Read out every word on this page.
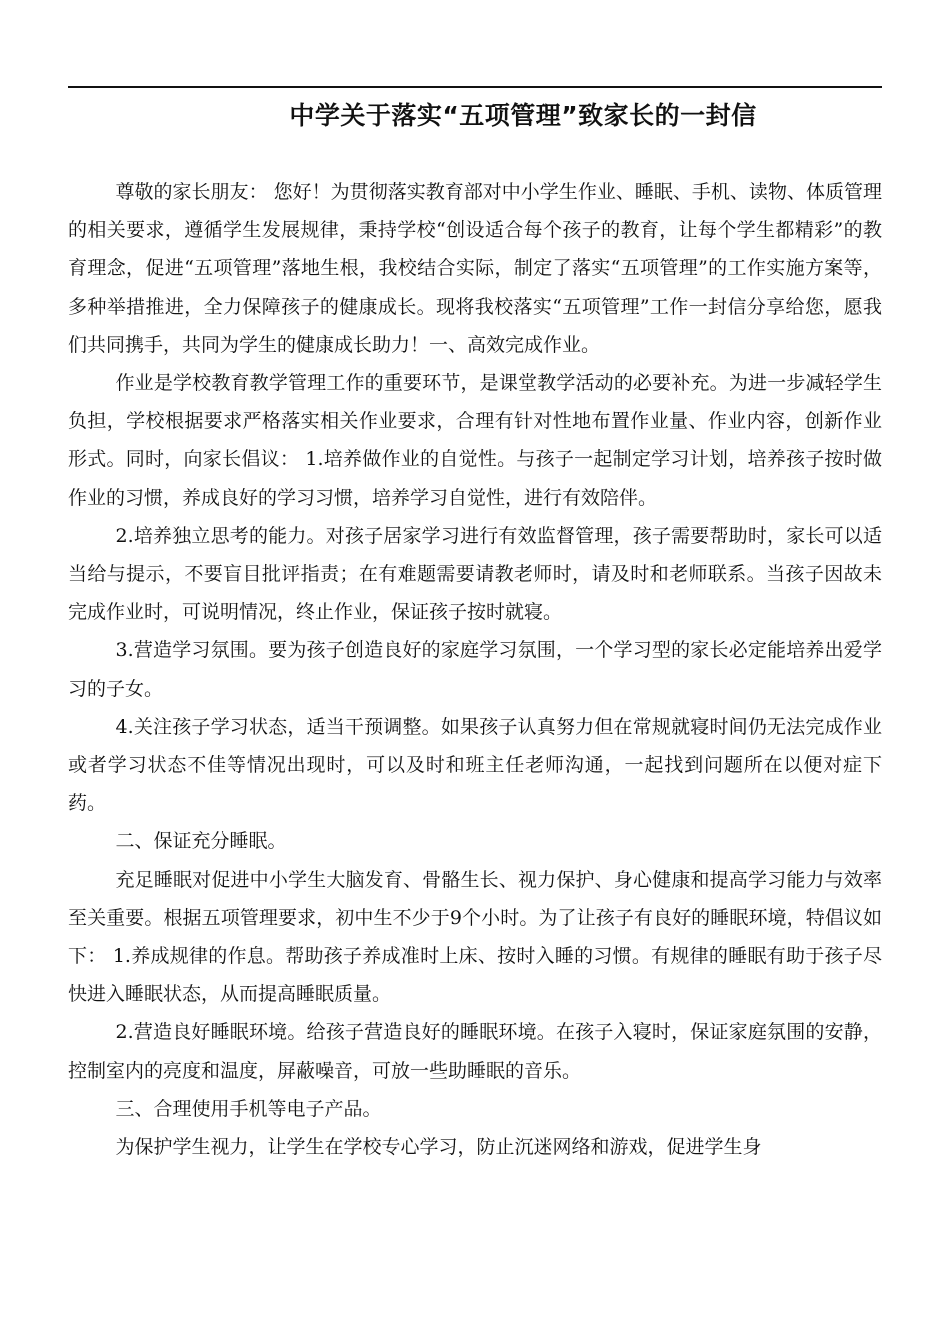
中学关于落实“五项管理”致家长的一封信

尊敬的家长朋友： 您好！为贯彻落实教育部对中小学生作业、睡眠、手机、读物、体质管理的相关要求，遵循学生发展规律，秉持学校“创设适合每个孩子的教育，让每个学生都精彩”的教育理念，促进“五项管理”落地生根，我校结合实际，制定了落实“五项管理”的工作实施方案等，多种举措推进，全力保障孩子的健康成长。现将我校落实“五项管理”工作一封信分享给您，愿我们共同携手，共同为学生的健康成长助力！一、高效完成作业。

作业是学校教育教学管理工作的重要环节，是课堂教学活动的必要补充。为进一步减轻学生负担，学校根据要求严格落实相关作业要求，合理有针对性地布置作业量、作业内容，创新作业形式。同时，向家长倡议： 1.培养做作业的自觉性。与孩子一起制定学习计划，培养孩子按时做作业的习惯，养成良好的学习习惯，培养学习自觉性，进行有效陪伴。

2.培养独立思考的能力。对孩子居家学习进行有效监督管理，孩子需要帮助时，家长可以适当给与提示，不要盲目批评指责；在有难题需要请教老师时，请及时和老师联系。当孩子因故未完成作业时，可说明情况，终止作业，保证孩子按时就寝。

3.营造学习氛围。要为孩子创造良好的家庭学习氛围，一个学习型的家长必定能培养出爱学习的子女。

4.关注孩子学习状态，适当干预调整。如果孩子认真努力但在常规就寝时间仍无法完成作业或者学习状态不佳等情况出现时，可以及时和班主任老师沟通，一起找到问题所在以便对症下药。

二、保证充分睡眠。

充足睡眠对促进中小学生大脑发育、骨骼生长、视力保护、身心健康和提高学习能力与效率至关重要。根据五项管理要求，初中生不少于9个小时。为了让孩子有良好的睡眠环境，特倡议如下： 1.养成规律的作息。帮助孩子养成准时上床、按时入睡的习惯。有规律的睡眠有助于孩子尽快进入睡眠状态，从而提高睡眠质量。

2.营造良好睡眠环境。给孩子营造良好的睡眠环境。在孩子入寝时，保证家庭氛围的安静，控制室内的亮度和温度，屏蔽噪音，可放一些助睡眠的音乐。

三、合理使用手机等电子产品。

为保护学生视力，让学生在学校专心学习，防止沉迷网络和游戏，促进学生身
